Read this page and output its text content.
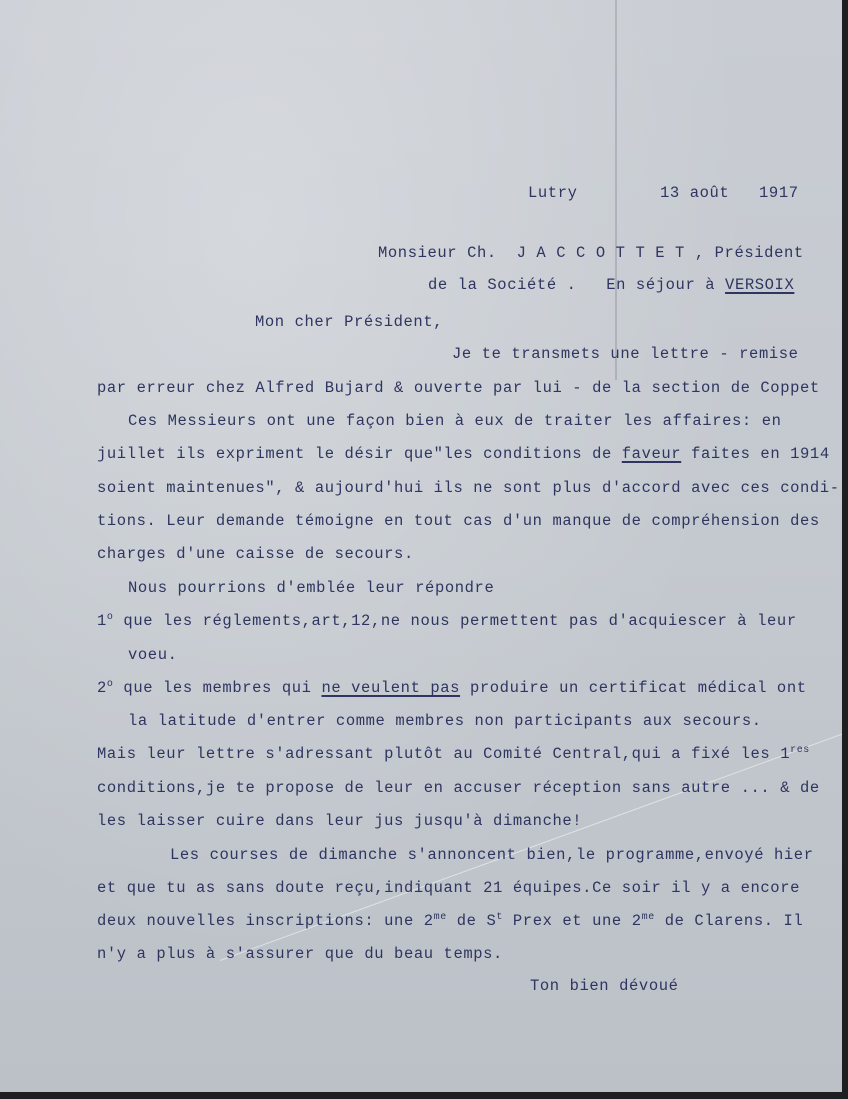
Lutry	13 août   1917
Monsieur Ch.  J A C C O T T E T , Président
de la Société .   En séjour à VERSOIX
Mon cher Président,
Je te transmets une lettre - remise
par erreur chez Alfred Bujard & ouverte par lui - de la section de Coppet
Ces Messieurs ont une façon bien à eux de traiter les affaires: en
juillet ils expriment le désir que"les conditions de faveur faites en 1914
soient maintenues", & aujourd'hui ils ne sont plus d'accord avec ces condi-
tions. Leur demande témoigne en tout cas d'un manque de compréhension des
charges d'une caisse de secours.
Nous pourrions d'emblée leur répondre
1$^o$ que les réglements,art,12,ne nous permettent pas d'acquiescer à leur
voeu.
2$^o$ que les membres qui ne veulent pas produire un certificat médical ont
la latitude d'entrer comme membres non participants aux secours.
Mais leur lettre s'adressant plutôt au Comité Central,qui a fixé les 1res
conditions,je te propose de leur en accuser réception sans autre ... & de
les laisser cuire dans leur jus jusqu'à dimanche!
Les courses de dimanche s'annoncent bien,le programme,envoyé hier
et que tu as sans doute reçu,indiquant 21 équipes.Ce soir il y a encore
deux nouvelles inscriptions: une $2^{me}$ de $S^t$ Prex et une $2^{me}$ de Clarens. Il
n'y a plus à s'assurer que du beau temps.
Ton bien dévoué
